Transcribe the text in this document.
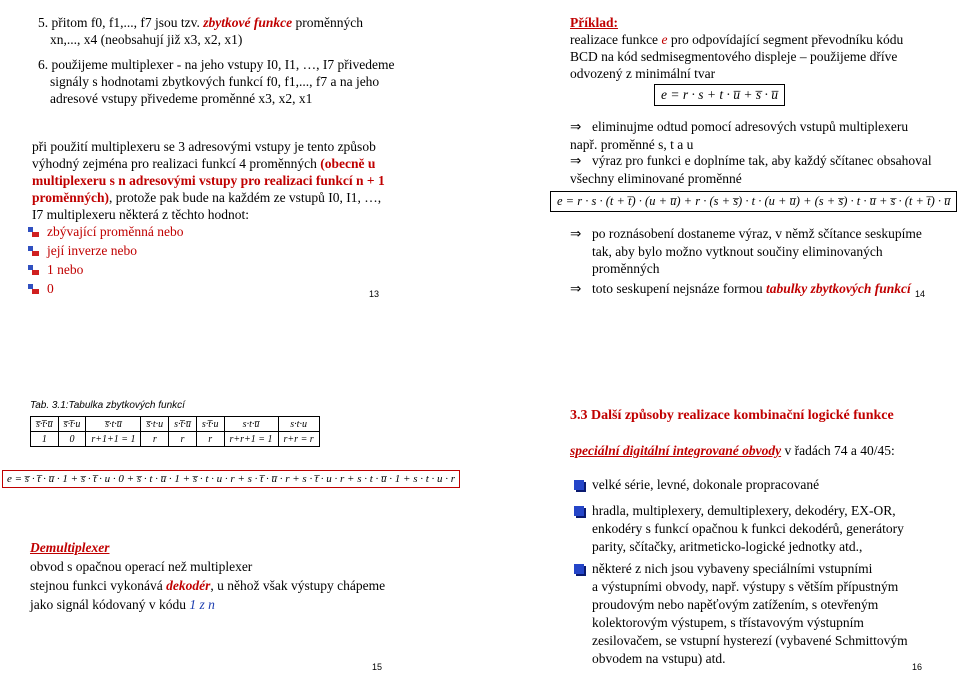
5. přitom f0, f1,..., f7 jsou tzv. zbytkové funkce proměnných
xn,..., x4 (neobsahují již x3, x2, x1)
6. použijeme multiplexer - na jeho vstupy I0, I1, …, I7 přivedeme
signály s hodnotami zbytkových funkcí f0, f1,..., f7 a na jeho
adresové vstupy přivedeme proměnné x3, x2, x1
při použití multiplexeru se 3 adresovými vstupy je tento způsob
výhodný zejména pro realizaci funkcí 4 proměnných (obecně u
multiplexeru s n adresovými vstupy pro realizaci funkcí n + 1
proměnných), protože pak bude na každém ze vstupů I0, I1, …,
I7 multiplexeru některá z těchto hodnot:
zbývající proměnná nebo
její inverze nebo
1 nebo
0	13
Příklad:
realizace funkce e pro odpovídající segment převodníku kódu
BCD na kód sedmisegmentového displeje – použijeme dříve
odvozený z minimální tvar
e = r · s + t · u̅ + s̅ · u̅
⇒ eliminujme odtud pomocí adresových vstupů multiplexeru
např. proměnné s, t a u
⇒ výraz pro funkci e doplníme tak, aby každý sčítanec obsahoval
všechny eliminované proměnné
e = r · s · (t + t̅) · (u + u̅) + r · (s + s̅) · t · (u + u̅) + (s + s̅) · t · u̅ + s̅ · (t + t̅) · u̅
⇒ po roznásobení dostaneme výraz, v němž sčítance seskupíme
tak, aby bylo možno vytknout součiny eliminovaných
proměnných
⇒ toto seskupení nejsnáze formou tabulky zbytkových funkcí 14
Tab. 3.1:Tabulka zbytkových funkcí
s̅·t̅·u̅	s̅·t̅·u	s̅·t·u̅	s̅·t·u	s·t̅·u̅	s·t̅·u	s·t·u̅	s·t·u
1	0	r+1+1 = 1	r	r	r	r+r+1 = 1	r+r = r
e = s̅ · t̅ · u̅ · 1 + s̅ · t̅ · u · 0 + s̅ · t · u̅ · 1 + s̅ · t · u · r + s · t̅ · u̅ · r + s · t̅ · u · r + s · t · u̅ · 1 + s · t · u · r
Demultiplexer
obvod s opačnou operací než multiplexer
stejnou funkci vykonává dekodér, u něhož však výstupy chápeme
jako signál kódovaný v kódu 1 z n
15
3.3 Další způsoby realizace kombinační logické funkce
speciální digitální integrované obvody v řadách 74 a 40/45:
velké série, levné, dokonale propracované
hradla, multiplexery, demultiplexery, dekodéry, EX-OR,
enkodéry s funkcí opačnou k funkci dekodérů, generátory
parity, sčítačky, aritmeticko-logické jednotky atd.,
některé z nich jsou vybaveny speciálními vstupními
a výstupními obvody, např. výstupy s větším přípustným
proudovým nebo napěťovým zatížením, s otevřeným
kolektorovým výstupem, s třístavovým výstupním
zesilovačem, se vstupní hysterezí (vybavené Schmittovým
obvodem na vstupu) atd.
16
